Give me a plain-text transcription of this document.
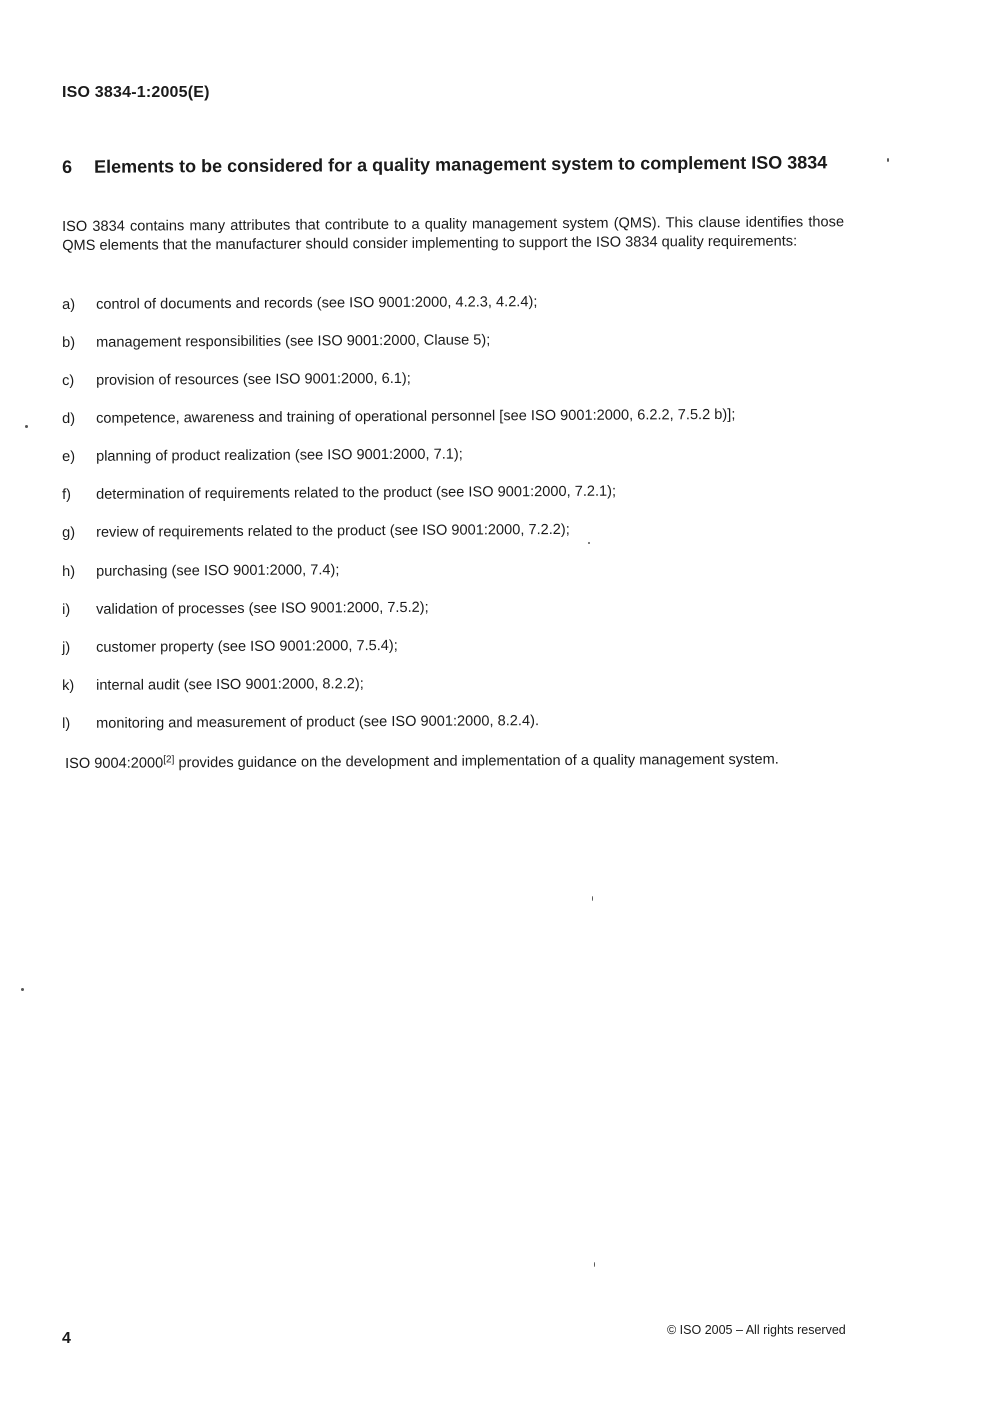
ISO 3834-1:2005(E)
6	Elements to be considered for a quality management system to complement ISO 3834
ISO 3834 contains many attributes that contribute to a quality management system (QMS). This clause identifies those QMS elements that the manufacturer should consider implementing to support the ISO 3834 quality requirements:
a)	control of documents and records (see ISO 9001:2000, 4.2.3, 4.2.4);
b)	management responsibilities (see ISO 9001:2000, Clause 5);
c)	provision of resources (see ISO 9001:2000, 6.1);
d)	competence, awareness and training of operational personnel [see ISO 9001:2000, 6.2.2, 7.5.2 b)];
e)	planning of product realization (see ISO 9001:2000, 7.1);
f)	determination of requirements related to the product (see ISO 9001:2000, 7.2.1);
g)	review of requirements related to the product (see ISO 9001:2000, 7.2.2);
h)	purchasing (see ISO 9001:2000, 7.4);
i)	validation of processes (see ISO 9001:2000, 7.5.2);
j)	customer property (see ISO 9001:2000, 7.5.4);
k)	internal audit (see ISO 9001:2000, 8.2.2);
l)	monitoring and measurement of product (see ISO 9001:2000, 8.2.4).
ISO 9004:2000[2] provides guidance on the development and implementation of a quality management system.
4	© ISO 2005 – All rights reserved
